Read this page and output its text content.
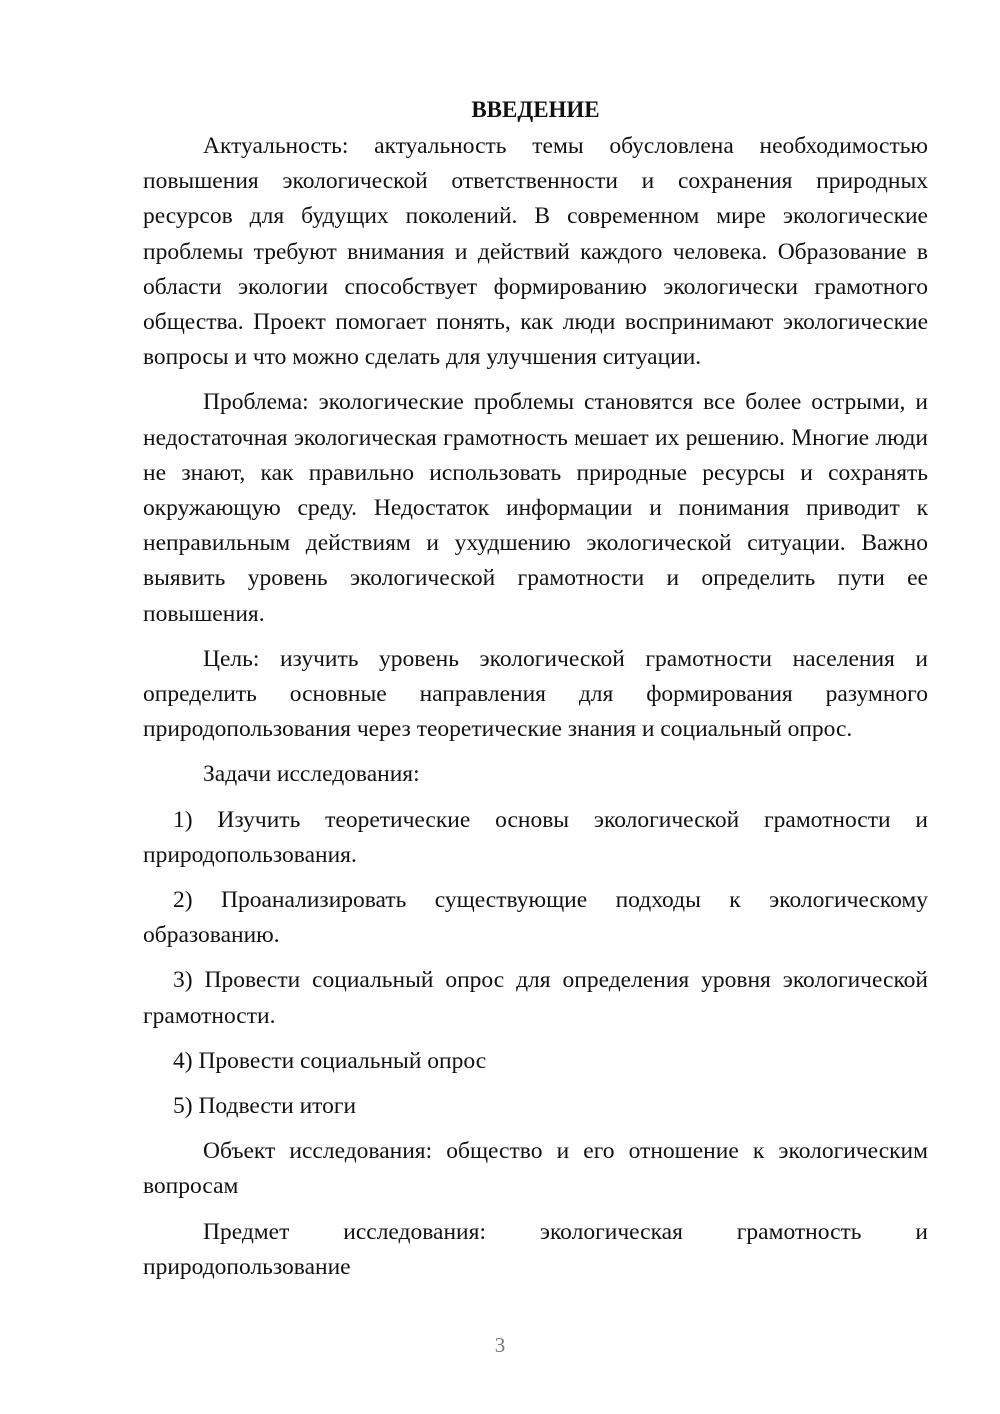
ВВЕДЕНИЕ

Актуальность: актуальность темы обусловлена необходимостью повышения экологической ответственности и сохранения природных ресурсов для будущих поколений. В современном мире экологические проблемы требуют внимания и действий каждого человека. Образование в области экологии способствует формированию экологически грамотного общества. Проект помогает понять, как люди воспринимают экологические вопросы и что можно сделать для улучшения ситуации.

Проблема: экологические проблемы становятся все более острыми, и недостаточная экологическая грамотность мешает их решению. Многие люди не знают, как правильно использовать природные ресурсы и сохранять окружающую среду. Недостаток информации и понимания приводит к неправильным действиям и ухудшению экологической ситуации. Важно выявить уровень экологической грамотности и определить пути ее повышения.

Цель: изучить уровень экологической грамотности населения и определить основные направления для формирования разумного природопользования через теоретические знания и социальный опрос.

Задачи исследования:

1) Изучить теоретические основы экологической грамотности и природопользования.

2) Проанализировать существующие подходы к экологическому образованию.

3) Провести социальный опрос для определения уровня экологической грамотности.

4) Провести социальный опрос

5) Подвести итоги

Объект исследования: общество и его отношение к экологическим вопросам

Предмет исследования: экологическая грамотность и

природопользование

3
